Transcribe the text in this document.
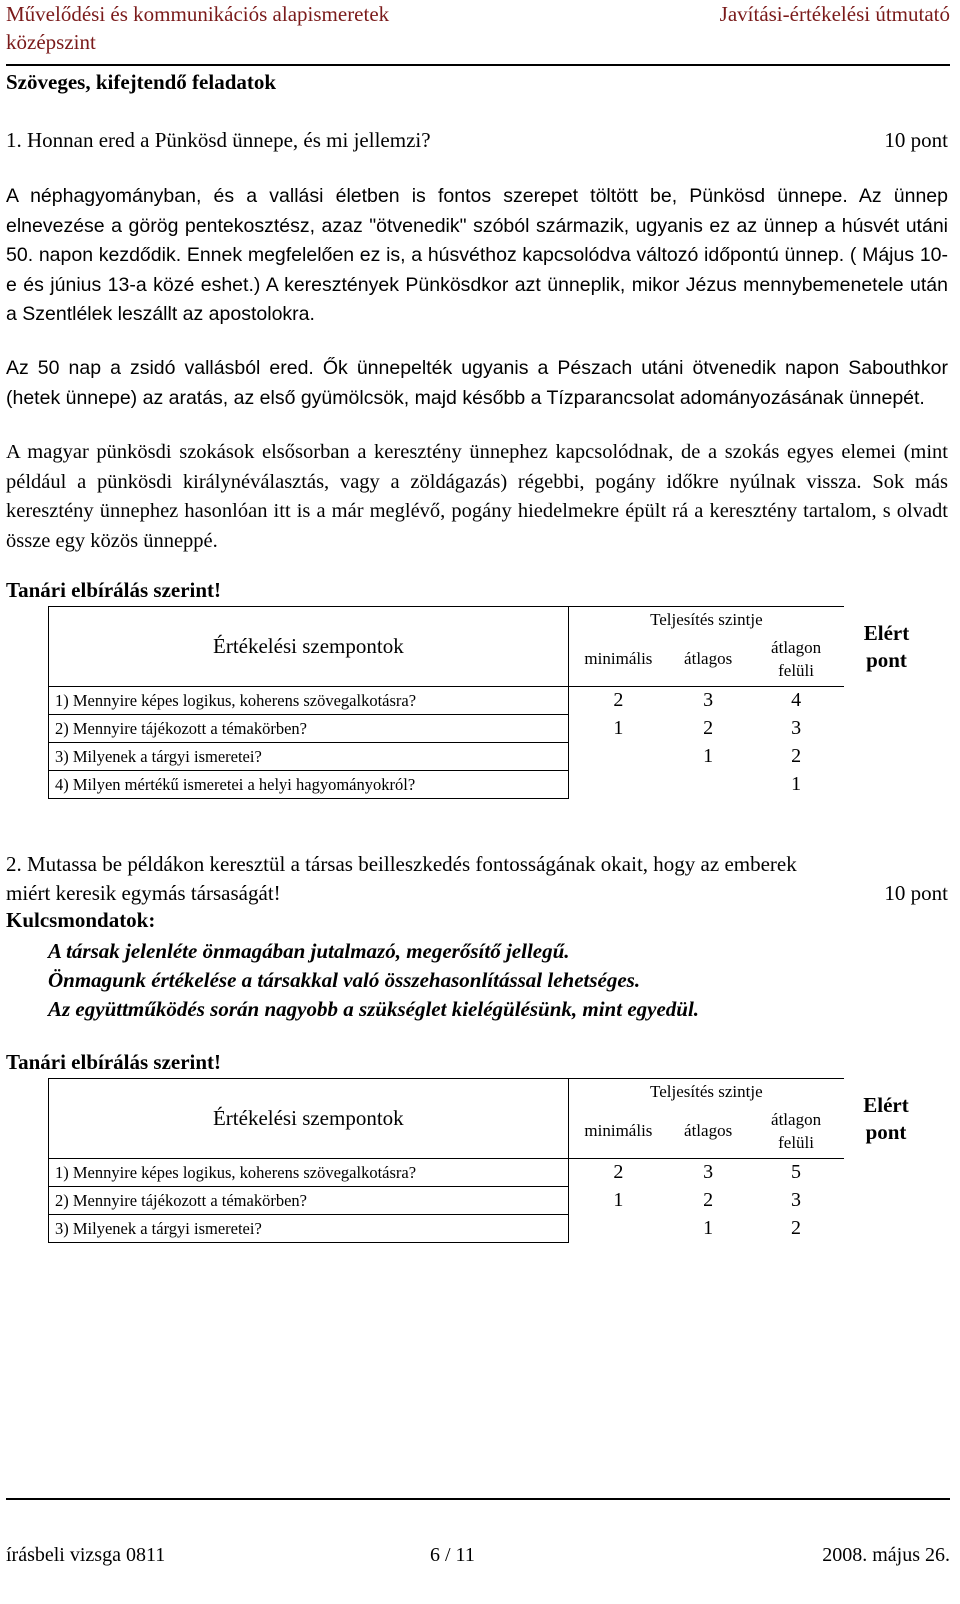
Művelődési és kommunikációs alapismeretek
középszint
Javítási-értékelési útmutató
Szöveges, kifejtendő feladatok
1. Honnan ered a Pünkösd ünnepe, és mi jellemzi?	10 pont
A néphagyományban, és a vallási életben is fontos szerepet töltött be, Pünkösd ünnepe. Az ünnep elnevezése a görög pentekosztész, azaz "ötvenedik" szóból származik, ugyanis ez az ünnep a húsvét utáni 50. napon kezdődik. Ennek megfelelően ez is, a húsvéthoz kapcsolódva változó időpontú ünnep. ( Május 10-e és június 13-a közé eshet.) A keresztények Pünkösdkor azt ünneplik, mikor Jézus mennybemenetele után a Szentlélek leszállt az apostolokra.
Az 50 nap a zsidó vallásból ered. Ők ünnepelték ugyanis a Pészach utáni ötvenedik napon Sabouthkor (hetek ünnepe) az aratás, az első gyümölcsök, majd később a Tízparancsolat adományozásának ünnepét.
A magyar pünkösdi szokások elsősorban a keresztény ünnephez kapcsolódnak, de a szokás egyes elemei (mint például a pünkösdi királynéválasztás, vagy a zöldágazás) régebbi, pogány időkre nyúlnak vissza. Sok más keresztény ünnephez hasonlóan itt is a már meglévő, pogány hiedelmekre épült rá a keresztény tartalom, s olvadt össze egy közös ünneppé.
Tanári elbírálás szerint!
Értékelési szempontok	Teljesítés szintje			Elért pont
	minimális	átlagos	átlagon felüli	
1) Mennyire képes logikus, koherens szövegalkotásra?	2	3	4	
2) Mennyire tájékozott a témakörben?	1	2	3	
3) Milyenek a tárgyi ismeretei?		1	2	
4) Milyen mértékű ismeretei a helyi hagyományokról?			1	
2. Mutassa be példákon keresztül a társas beilleszkedés fontosságának okait, hogy az emberek
miért keresik egymás társaságát!	10 pont
Kulcsmondatok:
A társak jelenléte önmagában jutalmazó, megerősítő jellegű.
Önmagunk értékelése a társakkal való összehasonlítással lehetséges.
Az együttműködés során nagyobb a szükséglet kielégülésünk, mint egyedül.
Tanári elbírálás szerint!
Értékelési szempontok	Teljesítés szintje			Elért pont
	minimális	átlagos	átlagon felüli	
1) Mennyire képes logikus, koherens szövegalkotásra?	2	3	5	
2) Mennyire tájékozott a témakörben?	1	2	3	
3) Milyenek a tárgyi ismeretei?		1	2	
írásbeli vizsga 0811	6 / 11	2008. május 26.
